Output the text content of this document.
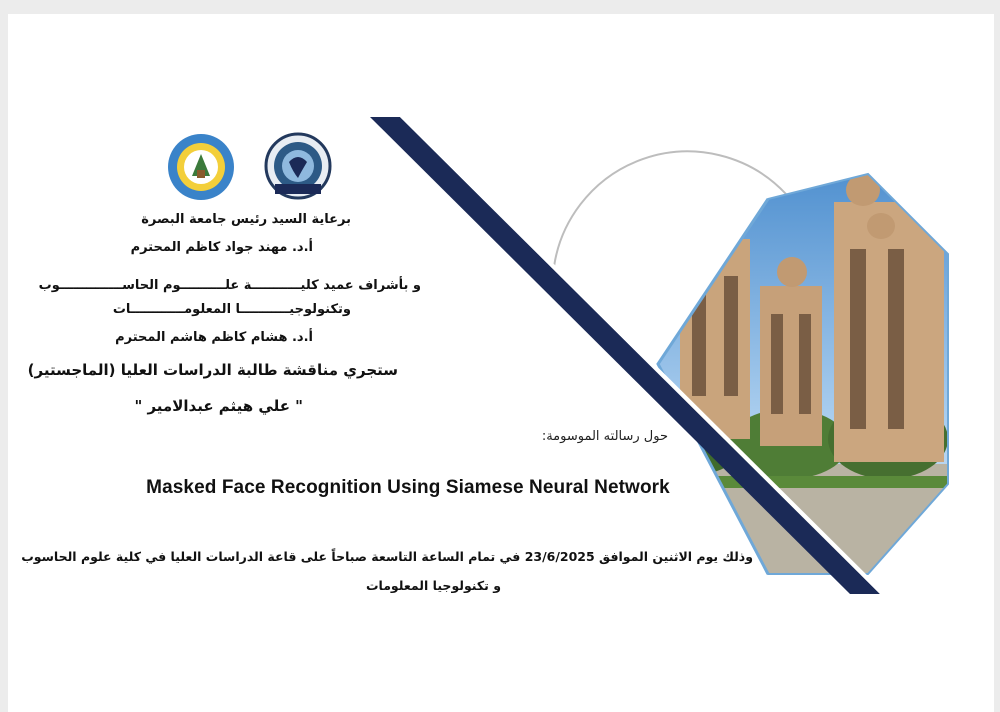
برعاية السيد رئيس جامعة البصرة
أ.د. مهند جواد كاظم المحترم
و بأشراف عميد كليـــــــــــة علــــــــــوم الحاســــــــــــــوب
وتكنولوجيـــــــــــا المعلومــــــــــــات
أ.د. هشام كاظم هاشم المحترم
ستجري مناقشة طالبة الدراسات العليا (الماجستير)
" علي هيثم عبدالامير "
حول رسالته الموسومة:
Masked Face Recognition Using Siamese Neural Network
وذلك يوم الاثنين الموافق 23/6/2025 في تمام الساعة التاسعة صباحاً على قاعة الدراسات العليا في كلية علوم الحاسوب
و تكنولوجيا المعلومات
